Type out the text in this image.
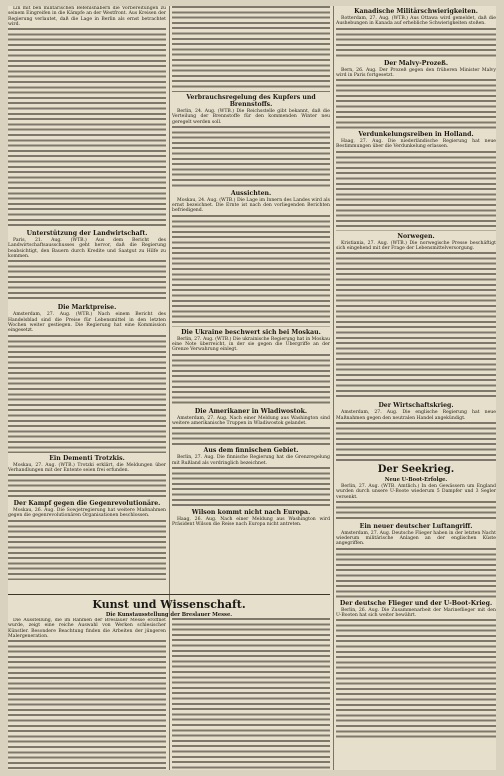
Lin mit ben militärischen Befehlshabern die Vorbereitungen zu seinem Eingreifen in die Kämpfe an der Westfront. Aus Kreisen der Regierung verlautet, daß die Lage in Berlin als ernst betrachtet wird.

Unterstützung der Landwirtschaft.

Paris, 21. Aug. (WTB.) Aus dem Bericht des Landwirtschaftsausschusses geht hervor, daß die Regierung beabsichtigt, den Bauern durch Kredite und Saatgut zu Hilfe zu kommen.

Die Marktpreise.

Amsterdam, 27. Aug. (WTB.) Nach einem Bericht des Handelsblad sind die Preise für Lebensmittel in den letzten Wochen weiter gestiegen. Die Regierung hat eine Kommission eingesetzt.

Ein Dementi Trotzkis.

Moskau, 27. Aug. (WTB.) Trotzki erklärt, die Meldungen über Verhandlungen mit der Entente seien frei erfunden.

Der Kampf gegen die Gegenrevolutionäre.

Moskau, 26. Aug. Die Sowjetregierung hat weitere Maßnahmen gegen die gegenrevolutionären Organisationen beschlossen.

Verbrauchsregelung des Kupfers und Brennstoffs.

Berlin, 24. Aug. (WTB.) Die Reichsstelle gibt bekannt, daß die Verteilung der Brennstoffe für den kommenden Winter neu geregelt werden soll.

Aussichten.

Moskau, 24. Aug. (WTB.) Die Lage im Innern des Landes wird als ernst bezeichnet. Die Ernte ist nach den vorliegenden Berichten befriedigend.

Die Ukraine beschwert sich bei Moskau.

Berlin, 27. Aug. (WTB.) Die ukrainische Regierung hat in Moskau eine Note überreicht, in der sie gegen die Übergriffe an der Grenze Verwahrung einlegt.

Die Amerikaner in Wladiwostok.

Amsterdam, 27. Aug. Nach einer Meldung aus Washington sind weitere amerikanische Truppen in Wladiwostok gelandet.

Aus dem finnischen Gebiet.

Berlin, 27. Aug. Die finnische Regierung hat die Grenzregelung mit Rußland als vordringlich bezeichnet.

Wilson kommt nicht nach Europa.

Haag, 26. Aug. Nach einer Meldung aus Washington wird Präsident Wilson die Reise nach Europa nicht antreten.

Kanadische Militärschwierigkeiten.

Rotterdam, 27. Aug. (WTB.) Aus Ottawa wird gemeldet, daß die Aushebungen in Kanada auf erhebliche Schwierigkeiten stoßen.

Der Malvy-Prozeß.

Bern, 26. Aug. Der Prozeß gegen den früheren Minister Malvy wird in Paris fortgesetzt.

Verdunkelungsreiben in Holland.

Haag, 27. Aug. Die niederländische Regierung hat neue Bestimmungen über die Verdunkelung erlassen.

Norwegen.

Kristiania, 27. Aug. (WTB.) Die norwegische Presse beschäftigt sich eingehend mit der Frage der Lebensmittelversorgung.

Der Wirtschaftskrieg.

Amsterdam, 27. Aug. Die englische Regierung hat neue Maßnahmen gegen den neutralen Handel angekündigt.

Der Seekrieg.
Neue U-Boot-Erfolge.

Berlin, 27. Aug. (WTB. Amtlich.) In den Gewässern um England wurden durch unsere U-Boote wiederum 5 Dampfer und 3 Segler versenkt.

Ein neuer deutscher Luftangriff.

Amsterdam, 27. Aug. Deutsche Flieger haben in der letzten Nacht wiederum militärische Anlagen an der englischen Küste angegriffen.

Der deutsche Flieger und der U-Boot-Krieg.

Berlin, 26. Aug. Die Zusammenarbeit der Marineflieger mit den U-Booten hat sich weiter bewährt.

Kunst und Wissenschaft.
Die Kunstausstellung der Breslauer Messe.

Die Ausstellung, die im Rahmen der Breslauer Messe eröffnet wurde, zeigt eine reiche Auswahl von Werken schlesischer Künstler. Besondere Beachtung finden die Arbeiten der jüngeren Malergeneration.
